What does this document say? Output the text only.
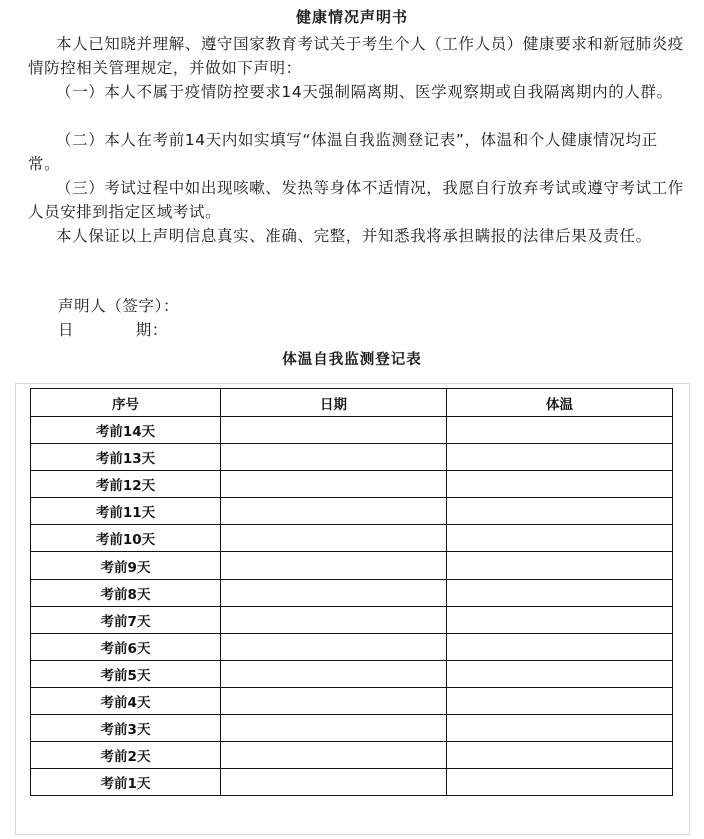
健康情况声明书

本人已知晓并理解、遵守国家教育考试关于考生个人（工作人员）健康要求和新冠肺炎疫情防控相关管理规定，并做如下声明：

（一）本人不属于疫情防控要求14天强制隔离期、医学观察期或自我隔离期内的人群。

（二）本人在考前14天内如实填写“体温自我监测登记表”，体温和个人健康情况均正常。

（三）考试过程中如出现咳嗽、发热等身体不适情况，我愿自行放弃考试或遵守考试工作人员安排到指定区域考试。

本人保证以上声明信息真实、准确、完整，并知悉我将承担瞒报的法律后果及责任。

声明人（签字）：
日	期：
体温自我监测登记表
序号	日期	体温
考前14天		
考前13天		
考前12天		
考前11天		
考前10天		
考前9天		
考前8天		
考前7天		
考前6天		
考前5天		
考前4天		
考前3天		
考前2天		
考前1天		
